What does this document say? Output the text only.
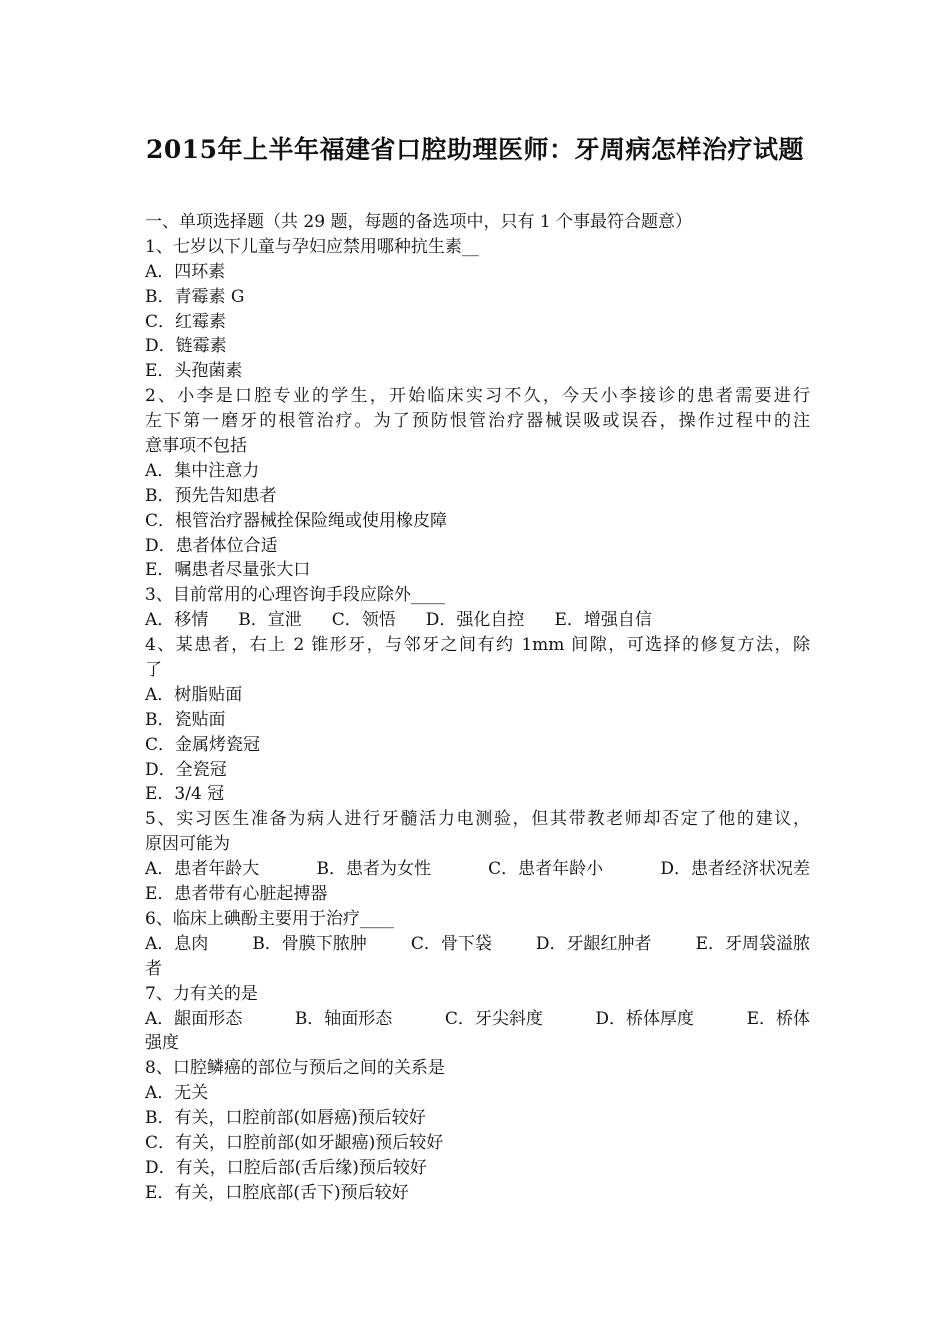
2015年上半年福建省口腔助理医师：牙周病怎样治疗试题
一、单项选择题（共 29 题，每题的备选项中，只有 1 个事最符合题意）
1、七岁以下儿童与孕妇应禁用哪种抗生素__
A．四环素
B．青霉素 G
C．红霉素
D．链霉素
E．头孢菌素
2、小李是口腔专业的学生，开始临床实习不久，今天小李接诊的患者需要进行
左下第一磨牙的根管治疗。为了预防恨管治疗器械误吸或误吞，操作过程中的注
意事项不包括
A．集中注意力
B．预先告知患者
C．根管治疗器械拴保险绳或使用橡皮障
D．患者体位合适
E．嘱患者尽量张大口
3、目前常用的心理咨询手段应除外____
A．移情 B．宣泄 C．领悟 D．强化自控 E．增强自信
4、某患者，右上 2 锥形牙，与邻牙之间有约 1mm 间隙，可选择的修复方法，除
了
A．树脂贴面
B．瓷贴面
C．金属烤瓷冠
D．全瓷冠
E．3/4 冠
5、实习医生准备为病人进行牙髓活力电测验，但其带教老师却否定了他的建议，
原因可能为
A．患者年龄大	B．患者为女性	C．患者年龄小	D．患者经济状况差
E．患者带有心脏起搏器
6、临床上碘酚主要用于治疗____
A．息肉	B．骨膜下脓肿	C．骨下袋	D．牙龈红肿者	E．牙周袋溢脓
者
7、力有关的是
A．龈面形态	B．轴面形态	C．牙尖斜度	D．桥体厚度	E．桥体
强度
8、口腔鳞癌的部位与预后之间的关系是
A．无关
B．有关，口腔前部(如唇癌)预后较好
C．有关，口腔前部(如牙龈癌)预后较好
D．有关，口腔后部(舌后缘)预后较好
E．有关，口腔底部(舌下)预后较好
